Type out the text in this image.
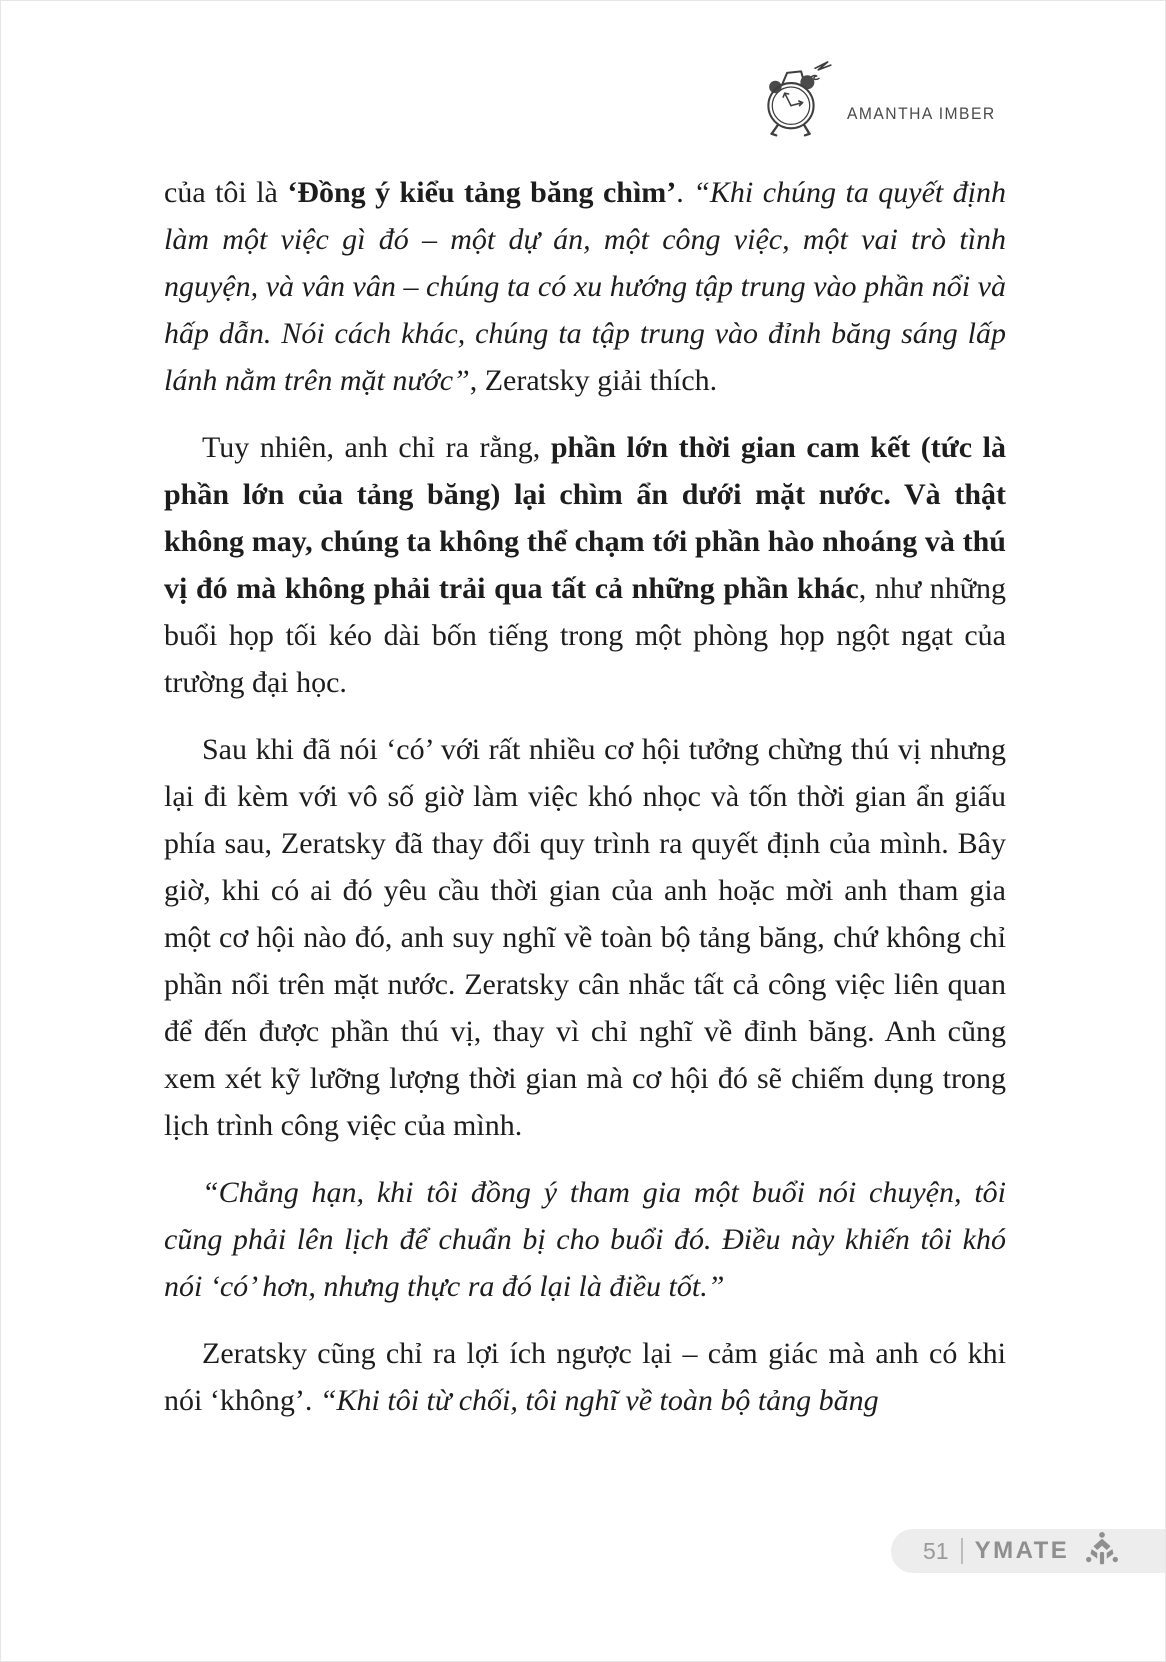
AMANTHA IMBER

của tôi là ‘Đồng ý kiểu tảng băng chìm’. “Khi chúng ta quyết định làm một việc gì đó – một dự án, một công việc, một vai trò tình nguyện, và vân vân – chúng ta có xu hướng tập trung vào phần nổi và hấp dẫn. Nói cách khác, chúng ta tập trung vào đỉnh băng sáng lấp lánh nằm trên mặt nước”, Zeratsky giải thích.

Tuy nhiên, anh chỉ ra rằng, phần lớn thời gian cam kết (tức là phần lớn của tảng băng) lại chìm ẩn dưới mặt nước. Và thật không may, chúng ta không thể chạm tới phần hào nhoáng và thú vị đó mà không phải trải qua tất cả những phần khác, như những buổi họp tối kéo dài bốn tiếng trong một phòng họp ngột ngạt của trường đại học.

Sau khi đã nói ‘có’ với rất nhiều cơ hội tưởng chừng thú vị nhưng lại đi kèm với vô số giờ làm việc khó nhọc và tốn thời gian ẩn giấu phía sau, Zeratsky đã thay đổi quy trình ra quyết định của mình. Bây giờ, khi có ai đó yêu cầu thời gian của anh hoặc mời anh tham gia một cơ hội nào đó, anh suy nghĩ về toàn bộ tảng băng, chứ không chỉ phần nổi trên mặt nước. Zeratsky cân nhắc tất cả công việc liên quan để đến được phần thú vị, thay vì chỉ nghĩ về đỉnh băng. Anh cũng xem xét kỹ lưỡng lượng thời gian mà cơ hội đó sẽ chiếm dụng trong lịch trình công việc của mình.

“Chẳng hạn, khi tôi đồng ý tham gia một buổi nói chuyện, tôi cũng phải lên lịch để chuẩn bị cho buổi đó. Điều này khiến tôi khó nói ‘có’ hơn, nhưng thực ra đó lại là điều tốt.”

Zeratsky cũng chỉ ra lợi ích ngược lại – cảm giác mà anh có khi nói ‘không’. “Khi tôi từ chối, tôi nghĩ về toàn bộ tảng băng

51 YMATE
